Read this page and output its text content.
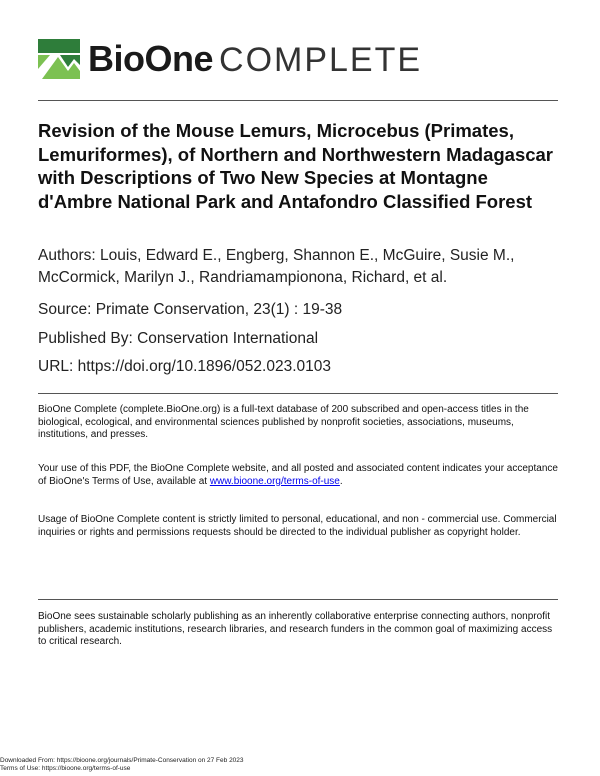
BioOne COMPLETE
Revision of the Mouse Lemurs, Microcebus (Primates, Lemuriformes), of Northern and Northwestern Madagascar with Descriptions of Two New Species at Montagne d'Ambre National Park and Antafondro Classified Forest

Authors: Louis, Edward E., Engberg, Shannon E., McGuire, Susie M.,

McCormick, Marilyn J., Randriamampionona, Richard, et al.

Source: Primate Conservation, 23(1) : 19-38

Published By: Conservation International

URL: https://doi.org/10.1896/052.023.0103

BioOne Complete (complete.BioOne.org) is a full-text database of 200 subscribed and open-access titles in the biological, ecological, and environmental sciences published by nonprofit societies, associations, museums, institutions, and presses.

Your use of this PDF, the BioOne Complete website, and all posted and associated content indicates your acceptance of BioOne's Terms of Use, available at www.bioone.org/terms-of-use.

Usage of BioOne Complete content is strictly limited to personal, educational, and non - commercial use. Commercial inquiries or rights and permissions requests should be directed to the individual publisher as copyright holder.

BioOne sees sustainable scholarly publishing as an inherently collaborative enterprise connecting authors, nonprofit publishers, academic institutions, research libraries, and research funders in the common goal of maximizing access to critical research.

Downloaded From: https://bioone.org/journals/Primate-Conservation on 27 Feb 2023

Terms of Use: https://bioone.org/terms-of-use
